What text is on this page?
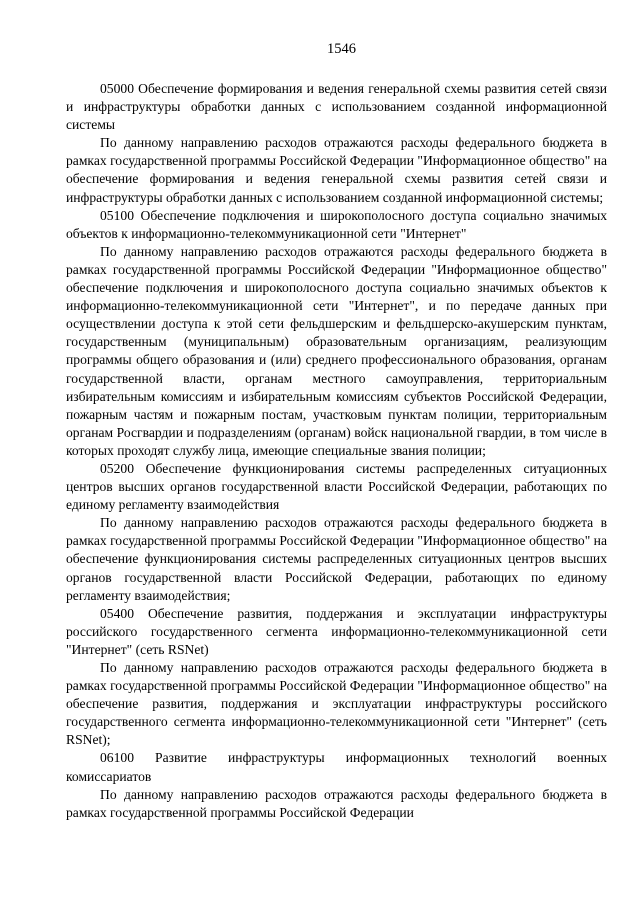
1546

05000 Обеспечение формирования и ведения генеральной схемы развития сетей связи и инфраструктуры обработки данных с использованием созданной информационной системы

По данному направлению расходов отражаются расходы федерального бюджета в рамках государственной программы Российской Федерации "Информационное общество" на обеспечение формирования и ведения генеральной схемы развития сетей связи и инфраструктуры обработки данных с использованием созданной информационной системы;

05100 Обеспечение подключения и широкополосного доступа социально значимых объектов к информационно-телекоммуникационной сети "Интернет"

По данному направлению расходов отражаются расходы федерального бюджета в рамках государственной программы Российской Федерации "Информационное общество" обеспечение подключения и широкополосного доступа социально значимых объектов к информационно-телекоммуникационной сети "Интернет", и по передаче данных при осуществлении доступа к этой сети фельдшерским и фельдшерско-акушерским пунктам, государственным (муниципальным) образовательным организациям, реализующим программы общего образования и (или) среднего профессионального образования, органам государственной власти, органам местного самоуправления, территориальным избирательным комиссиям и избирательным комиссиям субъектов Российской Федерации, пожарным частям и пожарным постам, участковым пунктам полиции, территориальным органам Росгвардии и подразделениям (органам) войск национальной гвардии, в том числе в которых проходят службу лица, имеющие специальные звания полиции;

05200 Обеспечение функционирования системы распределенных ситуационных центров высших органов государственной власти Российской Федерации, работающих по единому регламенту взаимодействия

По данному направлению расходов отражаются расходы федерального бюджета в рамках государственной программы Российской Федерации "Информационное общество" на обеспечение функционирования системы распределенных ситуационных центров высших органов государственной власти Российской Федерации, работающих по единому регламенту взаимодействия;

05400 Обеспечение развития, поддержания и эксплуатации инфраструктуры российского государственного сегмента информационно-телекоммуникационной сети "Интернет" (сеть RSNet)

По данному направлению расходов отражаются расходы федерального бюджета в рамках государственной программы Российской Федерации "Информационное общество" на обеспечение развития, поддержания и эксплуатации инфраструктуры российского государственного сегмента информационно-телекоммуникационной сети "Интернет" (сеть RSNet);

06100 Развитие инфраструктуры информационных технологий военных комиссариатов

По данному направлению расходов отражаются расходы федерального бюджета в рамках государственной программы Российской Федерации
